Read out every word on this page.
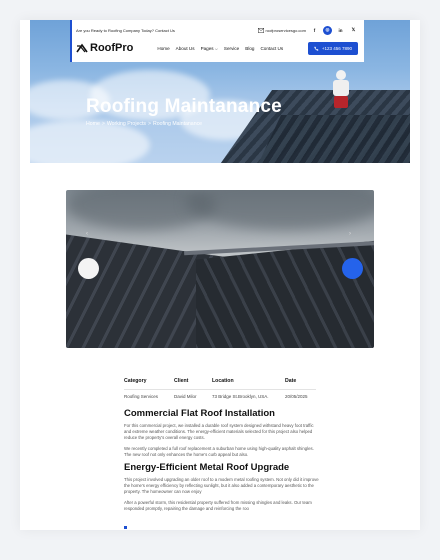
Roofing Maintanance
Home > Working Projects > Roofing Maintanance
Are you Ready to Roofing Company Today? Contact Us	roofproservicesgo.com	f	◎	in	𝕏
RoofPro	Home About Us Pages ⌵ Service Blog Contact Us	+123 456 7890
‹	›
Category	Client	Location	Date
Roofing Services	David Milor	73 Bridge St.Brooklyn, USA.	20/05/2025
Commercial Flat Roof Installation

For this commercial project, we installed a durable roof system designed withstand heavy foot traffic and extreme weather conditions. The energy-efficient materials selected for this project also helped reduce the property's overall energy costs.

We recently completed a full roof replacement a suburban home using high-quality asphalt shingles. The new roof not only enhances the home's curb appeal but also.

Energy-Efficient Metal Roof Upgrade

This project involved upgrading an older roof to a modern metal roofing system. Not only did it improve the home's energy efficiency by reflecting sunlight, but it also added a contemporary aesthetic to the property. The homeowner can now enjoy

After a powerful storm, this residential property suffered from missing shingles and leaks. Our team responded promptly, repairing the damage and reinforcing the roo
